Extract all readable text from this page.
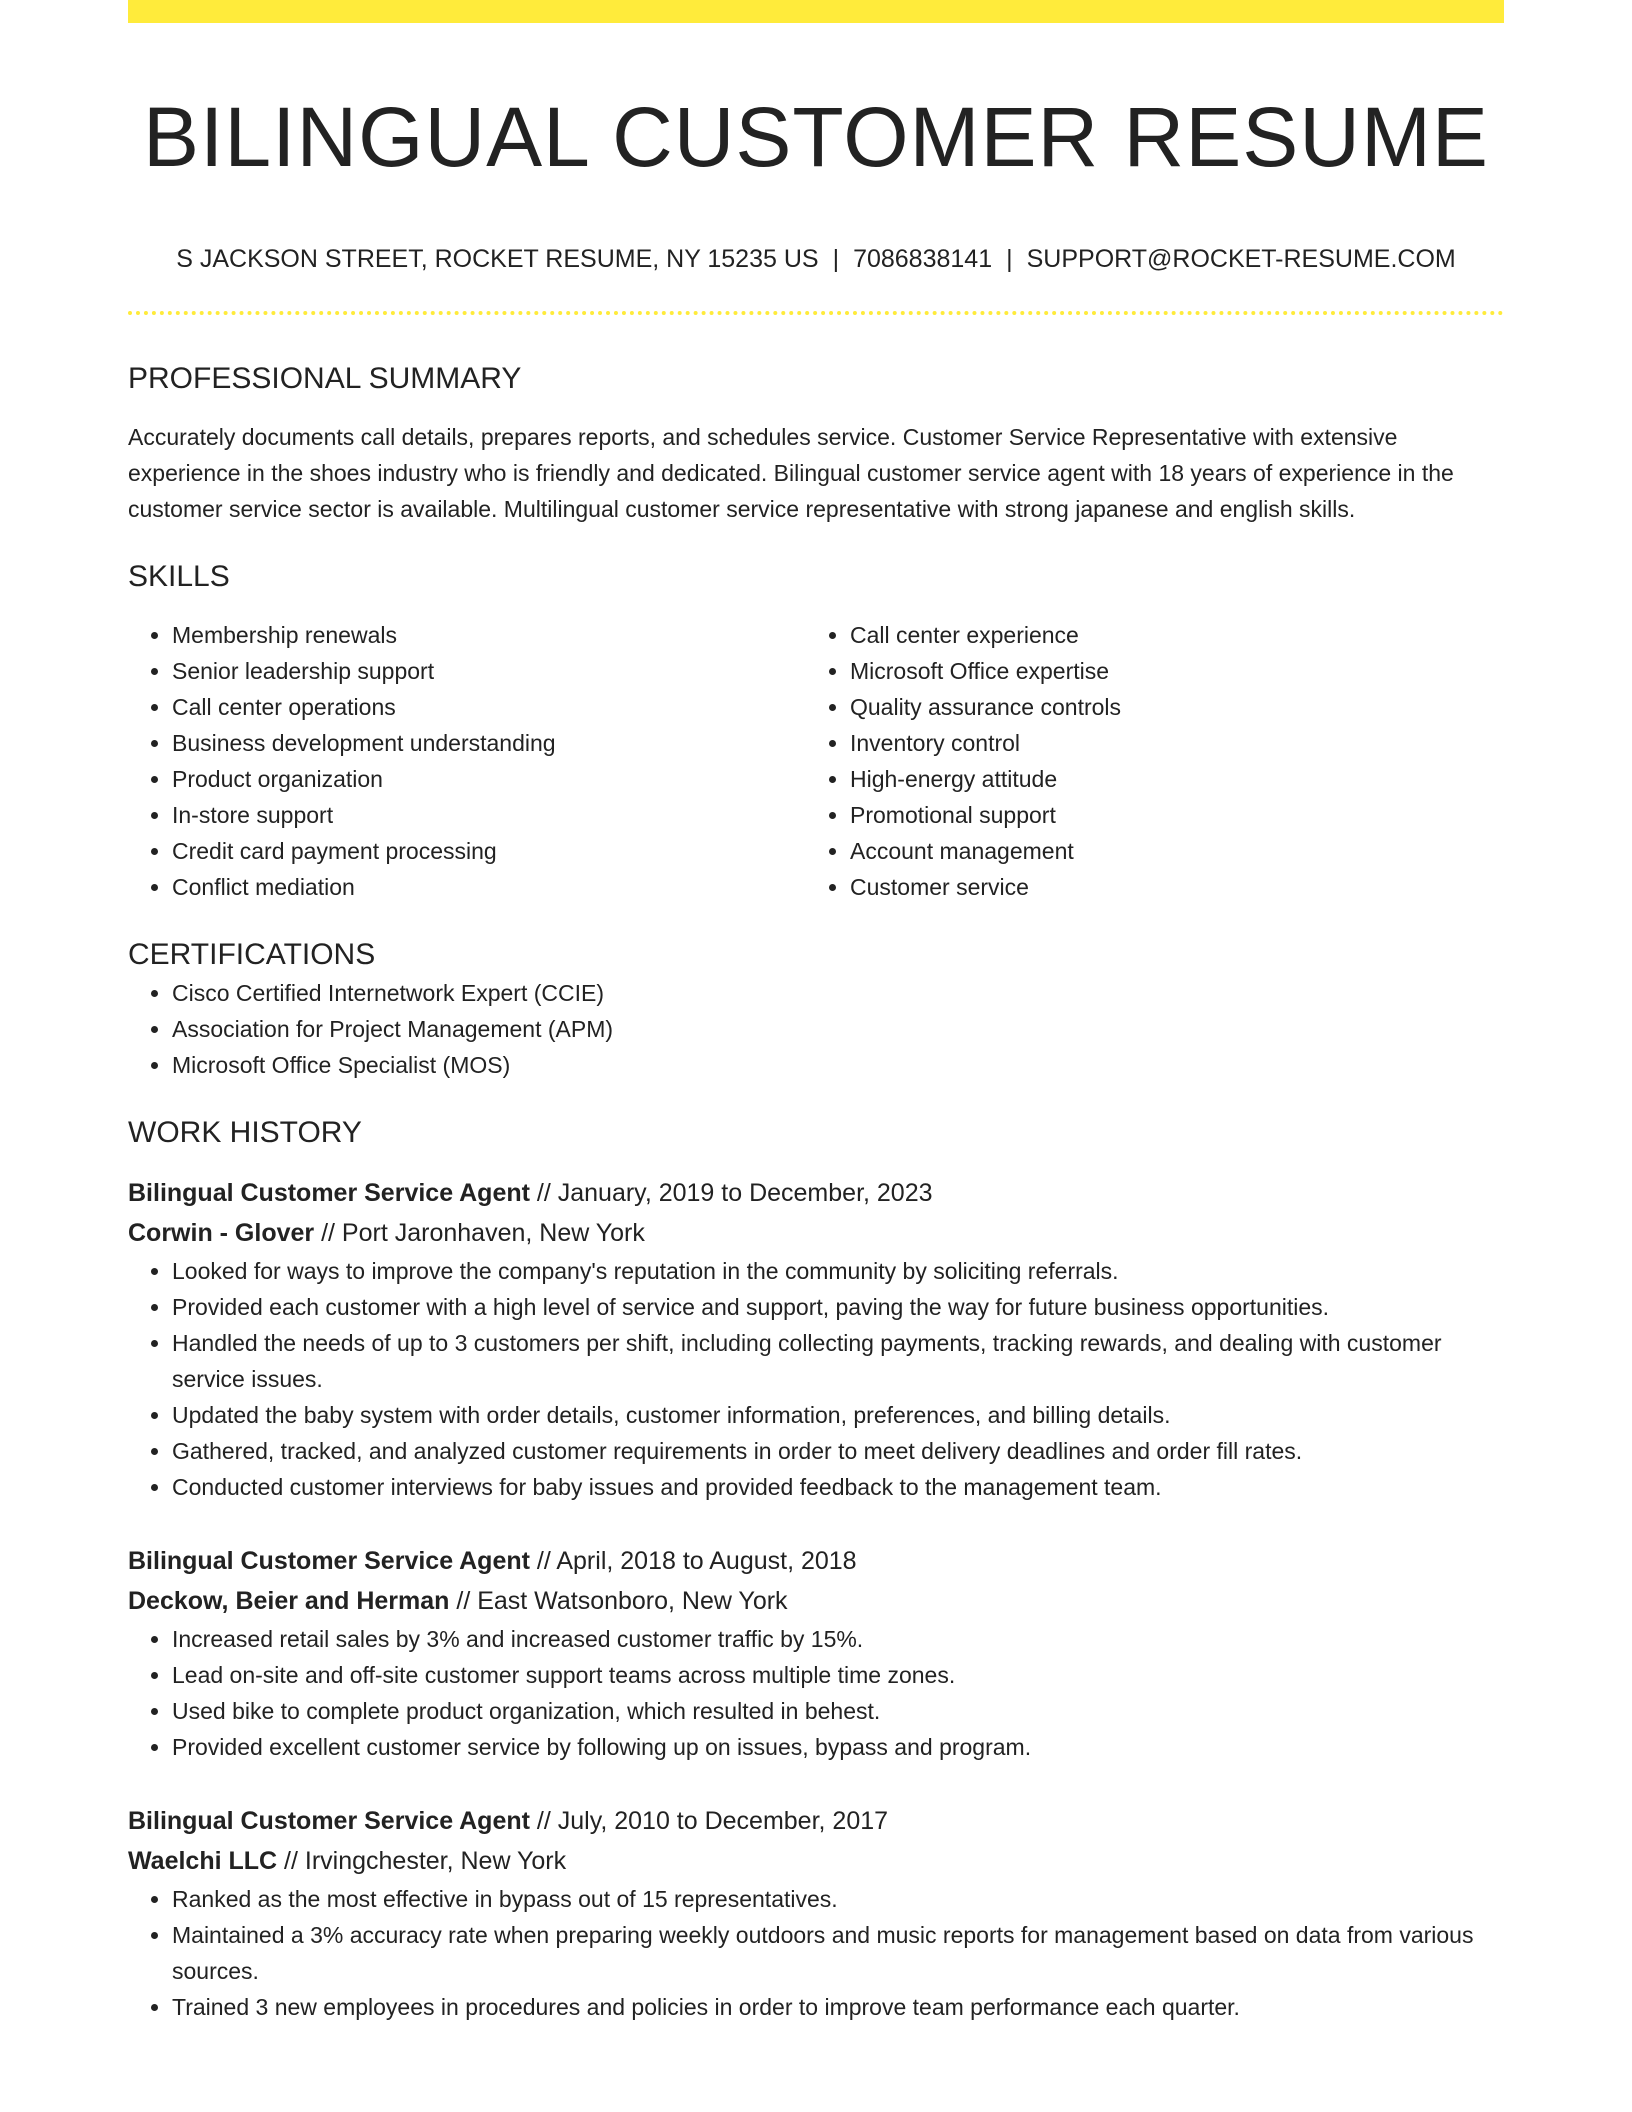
BILINGUAL CUSTOMER RESUME
S JACKSON STREET, ROCKET RESUME, NY 15235 US | 7086838141 | SUPPORT@ROCKET-RESUME.COM
PROFESSIONAL SUMMARY
Accurately documents call details, prepares reports, and schedules service. Customer Service Representative with extensive experience in the shoes industry who is friendly and dedicated. Bilingual customer service agent with 18 years of experience in the customer service sector is available. Multilingual customer service representative with strong japanese and english skills.
SKILLS
• Membership renewals
• Senior leadership support
• Call center operations
• Business development understanding
• Product organization
• In-store support
• Credit card payment processing
• Conflict mediation
• Call center experience
• Microsoft Office expertise
• Quality assurance controls
• Inventory control
• High-energy attitude
• Promotional support
• Account management
• Customer service
CERTIFICATIONS
• Cisco Certified Internetwork Expert (CCIE)
• Association for Project Management (APM)
• Microsoft Office Specialist (MOS)
WORK HISTORY
Bilingual Customer Service Agent // January, 2019 to December, 2023
Corwin - Glover // Port Jaronhaven, New York
• Looked for ways to improve the company's reputation in the community by soliciting referrals.
• Provided each customer with a high level of service and support, paving the way for future business opportunities.
• Handled the needs of up to 3 customers per shift, including collecting payments, tracking rewards, and dealing with customer service issues.
• Updated the baby system with order details, customer information, preferences, and billing details.
• Gathered, tracked, and analyzed customer requirements in order to meet delivery deadlines and order fill rates.
• Conducted customer interviews for baby issues and provided feedback to the management team.
Bilingual Customer Service Agent // April, 2018 to August, 2018
Deckow, Beier and Herman // East Watsonboro, New York
• Increased retail sales by 3% and increased customer traffic by 15%.
• Lead on-site and off-site customer support teams across multiple time zones.
• Used bike to complete product organization, which resulted in behest.
• Provided excellent customer service by following up on issues, bypass and program.
Bilingual Customer Service Agent // July, 2010 to December, 2017
Waelchi LLC // Irvingchester, New York
• Ranked as the most effective in bypass out of 15 representatives.
• Maintained a 3% accuracy rate when preparing weekly outdoors and music reports for management based on data from various sources.
• Trained 3 new employees in procedures and policies in order to improve team performance each quarter.
